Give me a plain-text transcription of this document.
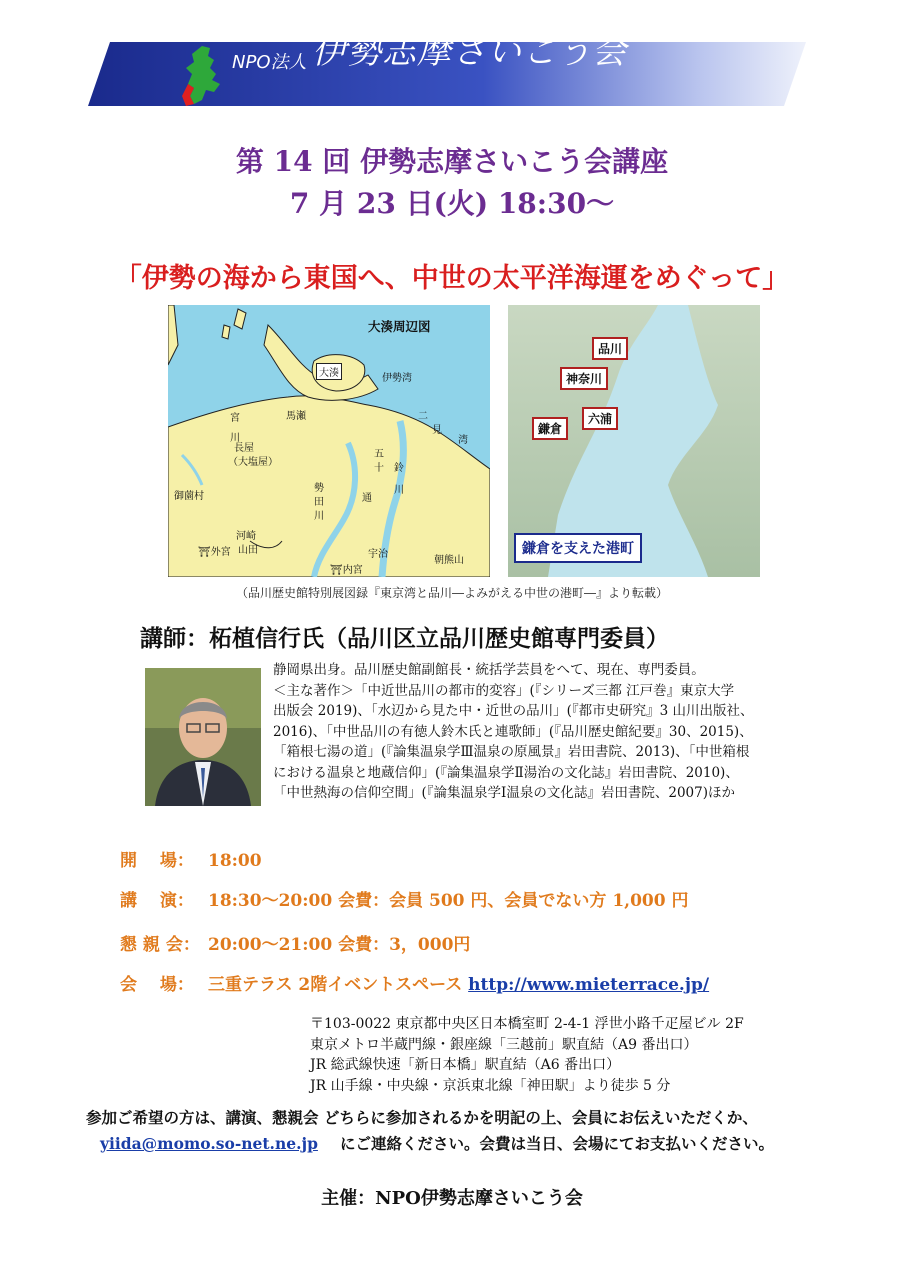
NPO法人 伊勢志摩さいこう会
第 14 回 伊勢志摩さいこう会講座
7 月 23 日(火) 18:30～
「伊勢の海から東国へ、中世の太平洋海運をめぐって」
大湊周辺図
大湊	伊勢湾
馬瀬
宮
川
長屋
（大塩屋）
二
見
五
十 鈴
勢
田
川
通
川
御薗村
河崎
山田
⛩外宮
⛩内宮
宇治
朝熊山
湾
品川
神奈川
六浦
鎌倉
鎌倉を支えた港町
（品川歴史館特別展図録『東京湾と品川―よみがえる中世の港町―』より転載）
講師：柘植信行氏（品川区立品川歴史館専門委員）
静岡県出身。品川歴史館副館長・統括学芸員をへて、現在、専門委員。
＜主な著作＞「中近世品川の都市的変容」(『シリーズ三都 江戸巻』東京大学
出版会 2019)、「水辺から見た中・近世の品川」(『都市史研究』3 山川出版社、
2016)、「中世品川の有徳人鈴木氏と連歌師」(『品川歴史館紀要』30、2015)、
「箱根七湯の道」(『論集温泉学Ⅲ温泉の原風景』岩田書院、2013)、「中世箱根
における温泉と地蔵信仰」(『論集温泉学Ⅱ湯治の文化誌』岩田書院、2010)、
「中世熱海の信仰空間」(『論集温泉学Ⅰ温泉の文化誌』岩田書院、2007)ほか
開　 場： 18:00
講　 演： 18:30～20:00 会費：会員 500 円、会員でない方 1,000 円
懇 親 会： 20:00～21:00 会費：3，000円
会　 場： 三重テラス 2階イベントスペース http://www.mieterrace.jp/
〒103-0022 東京都中央区日本橋室町 2-4-1 浮世小路千疋屋ビル 2F
東京メトロ半蔵門線・銀座線「三越前」駅直結（A9 番出口）
JR 総武線快速「新日本橋」駅直結（A6 番出口）
JR 山手線・中央線・京浜東北線「神田駅」より徒歩 5 分
参加ご希望の方は、講演、懇親会 どちらに参加されるかを明記の上、会員にお伝えいただくか、
yiida@momo.so-net.ne.jp にご連絡ください。会費は当日、会場にてお支払いください。
主催：NPO伊勢志摩さいこう会
